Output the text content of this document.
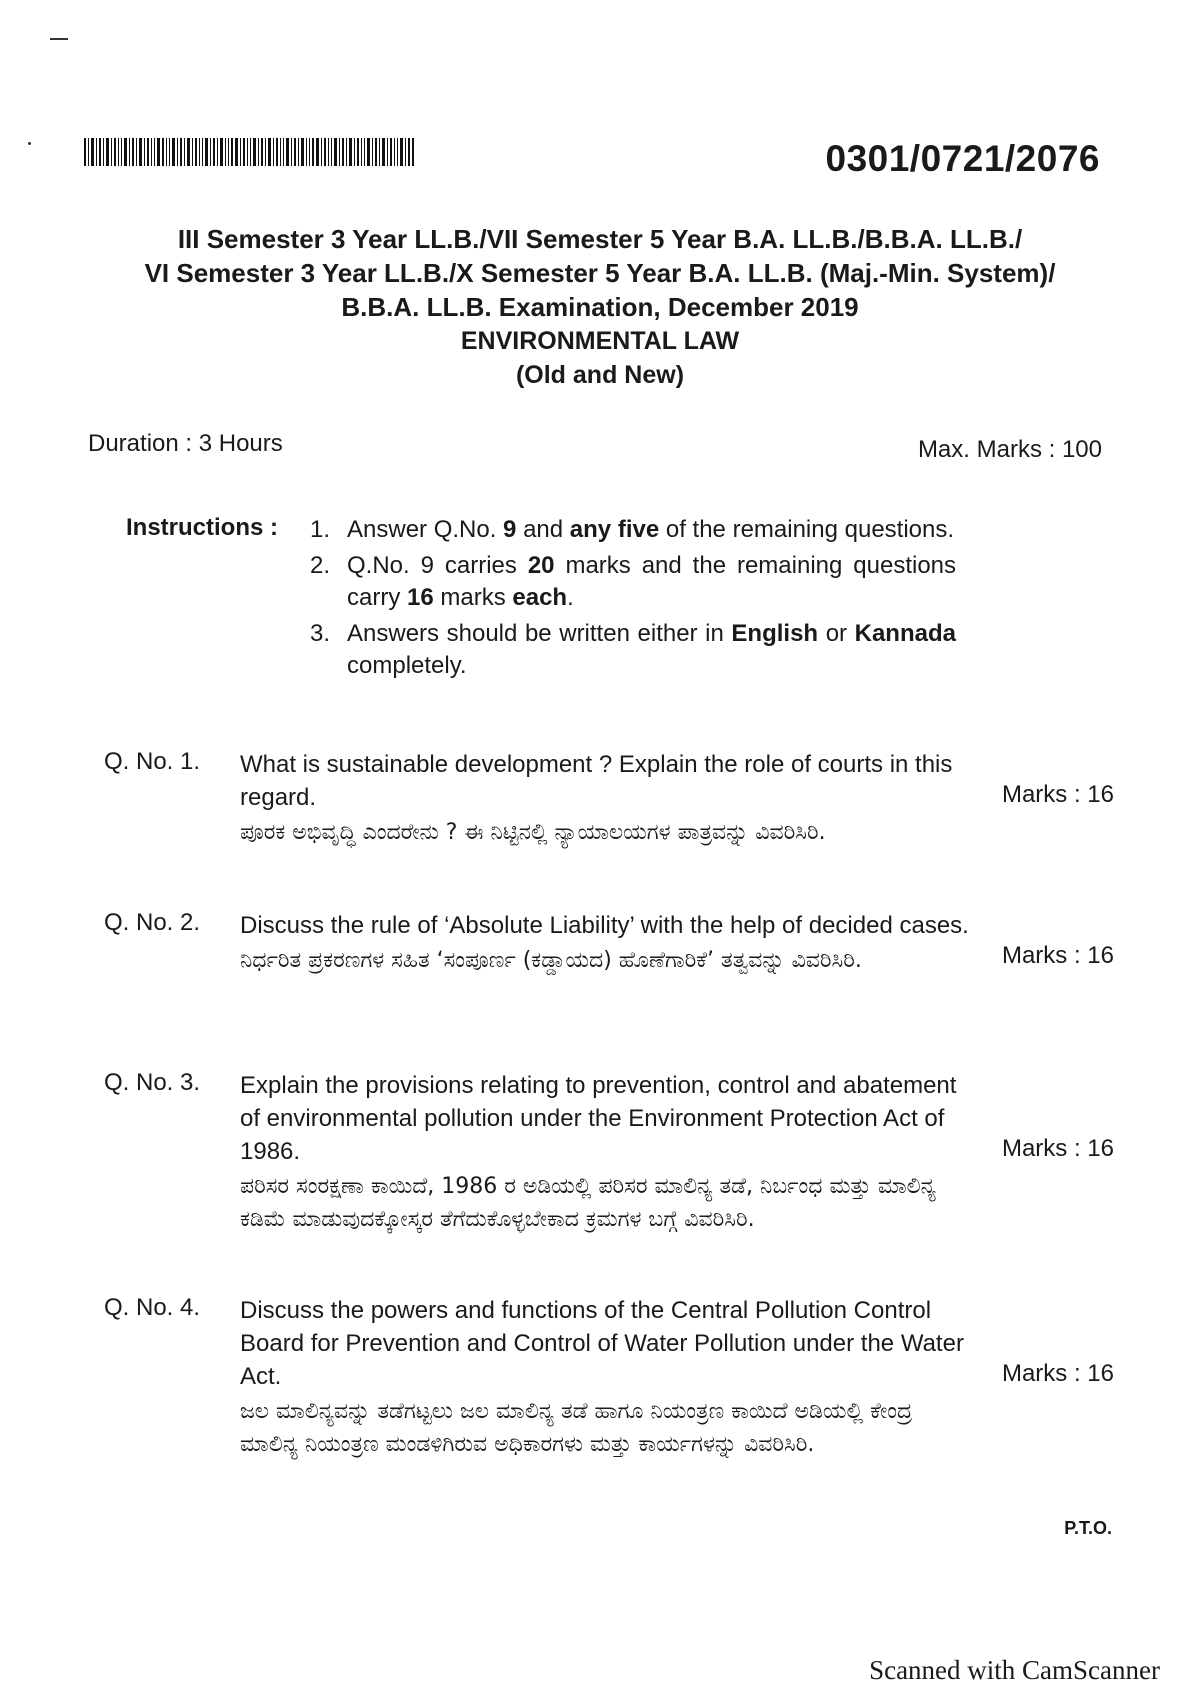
0301/0721/2076
III Semester 3 Year LL.B./VII Semester 5 Year B.A. LL.B./B.B.A. LL.B./
VI Semester 3 Year LL.B./X Semester 5 Year B.A. LL.B. (Maj.-Min. System)/
B.B.A. LL.B. Examination, December 2019
ENVIRONMENTAL LAW
(Old and New)
Duration : 3 Hours	Max. Marks : 100
Instructions : 1. Answer Q.No. 9 and any five of the remaining questions.
2. Q.No. 9 carries 20 marks and the remaining questions carry 16 marks each.
3. Answers should be written either in English or Kannada completely.
Q. No. 1. What is sustainable development ? Explain the role of courts in this regard.
ಪೂರಕ ಅಭಿವೃದ್ಧಿ ಎಂದರೇನು ? ಈ ನಿಟ್ಟಿನಲ್ಲಿ ನ್ಯಾಯಾಲಯಗಳ ಪಾತ್ರವನ್ನು ವಿವರಿಸಿರಿ.
Marks : 16
Q. No. 2. Discuss the rule of ‘Absolute Liability’ with the help of decided cases.
ನಿರ್ಧರಿತ ಪ್ರಕರಣಗಳ ಸಹಿತ ‘ಸಂಪೂರ್ಣ (ಕಡ್ಡಾಯದ) ಹೊಣೆಗಾರಿಕೆ’ ತತ್ವವನ್ನು ವಿವರಿಸಿರಿ.	Marks : 16
Q. No. 3. Explain the provisions relating to prevention, control and abatement of environmental pollution under the Environment Protection Act of 1986.
ಪರಿಸರ ಸಂರಕ್ಷಣಾ ಕಾಯಿದೆ, 1986 ರ ಅಡಿಯಲ್ಲಿ ಪರಿಸರ ಮಾಲಿನ್ಯ ತಡೆ, ನಿರ್ಬಂಧ ಮತ್ತು ಮಾಲಿನ್ಯ ಕಡಿಮೆ ಮಾಡುವುದಕ್ಕೋಸ್ಕರ ತೆಗೆದುಕೊಳ್ಳಬೇಕಾದ ಕ್ರಮಗಳ ಬಗ್ಗೆ ವಿವರಿಸಿರಿ.
Marks : 16
Q. No. 4. Discuss the powers and functions of the Central Pollution Control Board for Prevention and Control of Water Pollution under the Water Act.
ಜಲ ಮಾಲಿನ್ಯವನ್ನು ತಡೆಗಟ್ಟಲು ಜಲ ಮಾಲಿನ್ಯ ತಡೆ ಹಾಗೂ ನಿಯಂತ್ರಣ ಕಾಯಿದೆ ಅಡಿಯಲ್ಲಿ ಕೇಂದ್ರ ಮಾಲಿನ್ಯ ನಿಯಂತ್ರಣ ಮಂಡಳಿಗಿರುವ ಅಧಿಕಾರಗಳು ಮತ್ತು ಕಾರ್ಯಗಳನ್ನು ವಿವರಿಸಿರಿ.
Marks : 16
P.T.O.
Scanned with CamScanner
